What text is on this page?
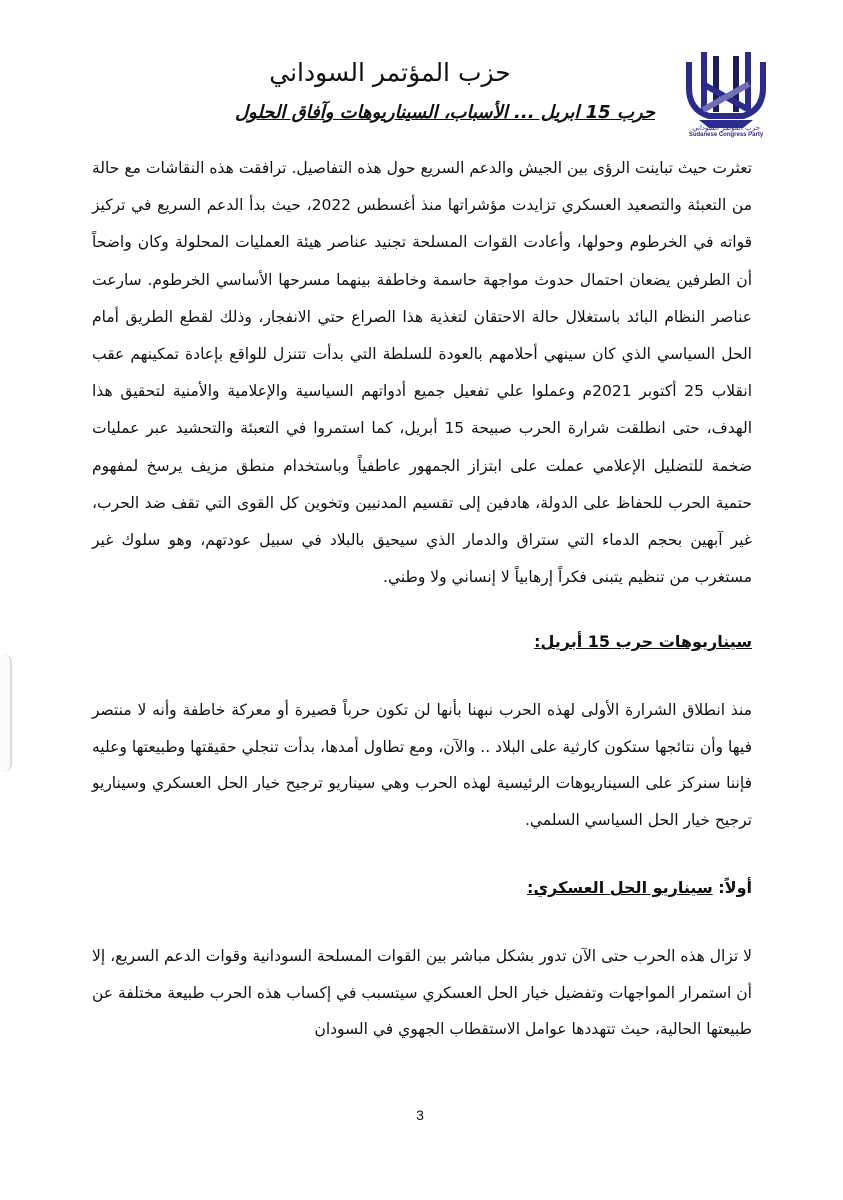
حزب المؤتمر السوداني
Sudanese Congress Party
حزب المؤتمر السوداني
حرب 15 ابريل ... الأسباب، السيناريوهات وآفاق الحلول

تعثرت حيث تباينت الرؤى بين الجيش والدعم السريع حول هذه التفاصيل. ترافقت هذه النقاشات مع حالة من التعبئة والتصعيد العسكري تزايدت مؤشراتها منذ أغسطس 2022، حيث بدأ الدعم السريع في تركيز قواته في الخرطوم وحولها، وأعادت القوات المسلحة تجنيد عناصر هيئة العمليات المحلولة وكان واضحاً أن الطرفين يضعان احتمال حدوث مواجهة حاسمة وخاطفة بينهما مسرحها الأساسي الخرطوم. سارعت عناصر النظام البائد باستغلال حالة الاحتقان لتغذية هذا الصراع حتي الانفجار، وذلك لقطع الطريق أمام الحل السياسي الذي كان سينهي أحلامهم بالعودة للسلطة التي بدأت تتنزل للواقع بإعادة تمكينهم عقب انقلاب 25 أكتوبر 2021م وعملوا علي تفعيل جميع أدواتهم السياسية والإعلامية والأمنية لتحقيق هذا الهدف، حتى انطلقت شرارة الحرب صبيحة 15 أبريل، كما استمروا في التعبئة والتحشيد عبر عمليات ضخمة للتضليل الإعلامي عملت على ابتزاز الجمهور عاطفياً وباستخدام منطق مزيف يرسخ لمفهوم حتمية الحرب للحفاظ على الدولة، هادفين إلى تقسيم المدنيين وتخوين كل القوى التي تقف ضد الحرب، غير آبهين بحجم الدماء التي ستراق والدمار الذي سيحيق بالبلاد في سبيل عودتهم، وهو سلوك غير مستغرب من تنظيم يتبنى فكراً إرهابياً لا إنساني ولا وطني.

سيناريوهات حرب 15 أبريل:

منذ انطلاق الشرارة الأولى لهذه الحرب نبهنا بأنها لن تكون حرباً قصيرة أو معركة خاطفة وأنه لا منتصر فيها وأن نتائجها ستكون كارثية على البلاد .. والآن، ومع تطاول أمدها، بدأت تنجلي حقيقتها وطبيعتها وعليه فإننا سنركز على السيناريوهات الرئيسية لهذه الحرب وهي سيناريو ترجيح خيار الحل العسكري وسيناريو ترجيح خيار الحل السياسي السلمي.

أولاً: سيناريو الحل العسكري:

لا تزال هذه الحرب حتى الآن تدور بشكل مباشر بين القوات المسلحة السودانية وقوات الدعم السريع، إلا أن استمرار المواجهات وتفضيل خيار الحل العسكري سيتسبب في إكساب هذه الحرب طبيعة مختلفة عن طبيعتها الحالية، حيث تتهددها عوامل الاستقطاب الجهوي في السودان

3
